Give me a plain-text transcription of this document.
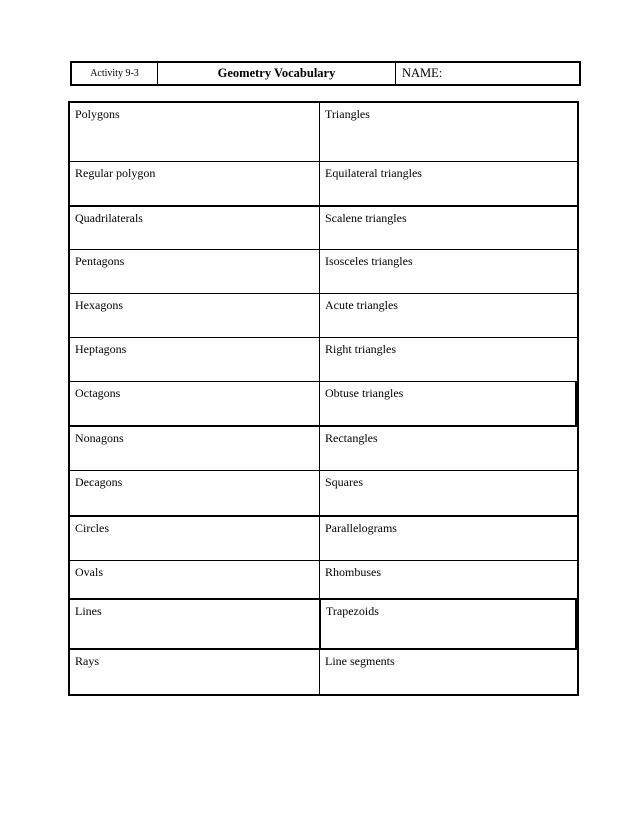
Activity 9-3	Geometry Vocabulary	NAME:
Polygons	Triangles
Regular polygon	Equilateral triangles
Quadrilaterals	Scalene triangles
Pentagons	Isosceles triangles
Hexagons	Acute triangles
Heptagons	Right triangles
Octagons	Obtuse triangles
Nonagons	Rectangles
Decagons	Squares
Circles	Parallelograms
Ovals	Rhombuses
Lines	Trapezoids
Rays	Line segments
